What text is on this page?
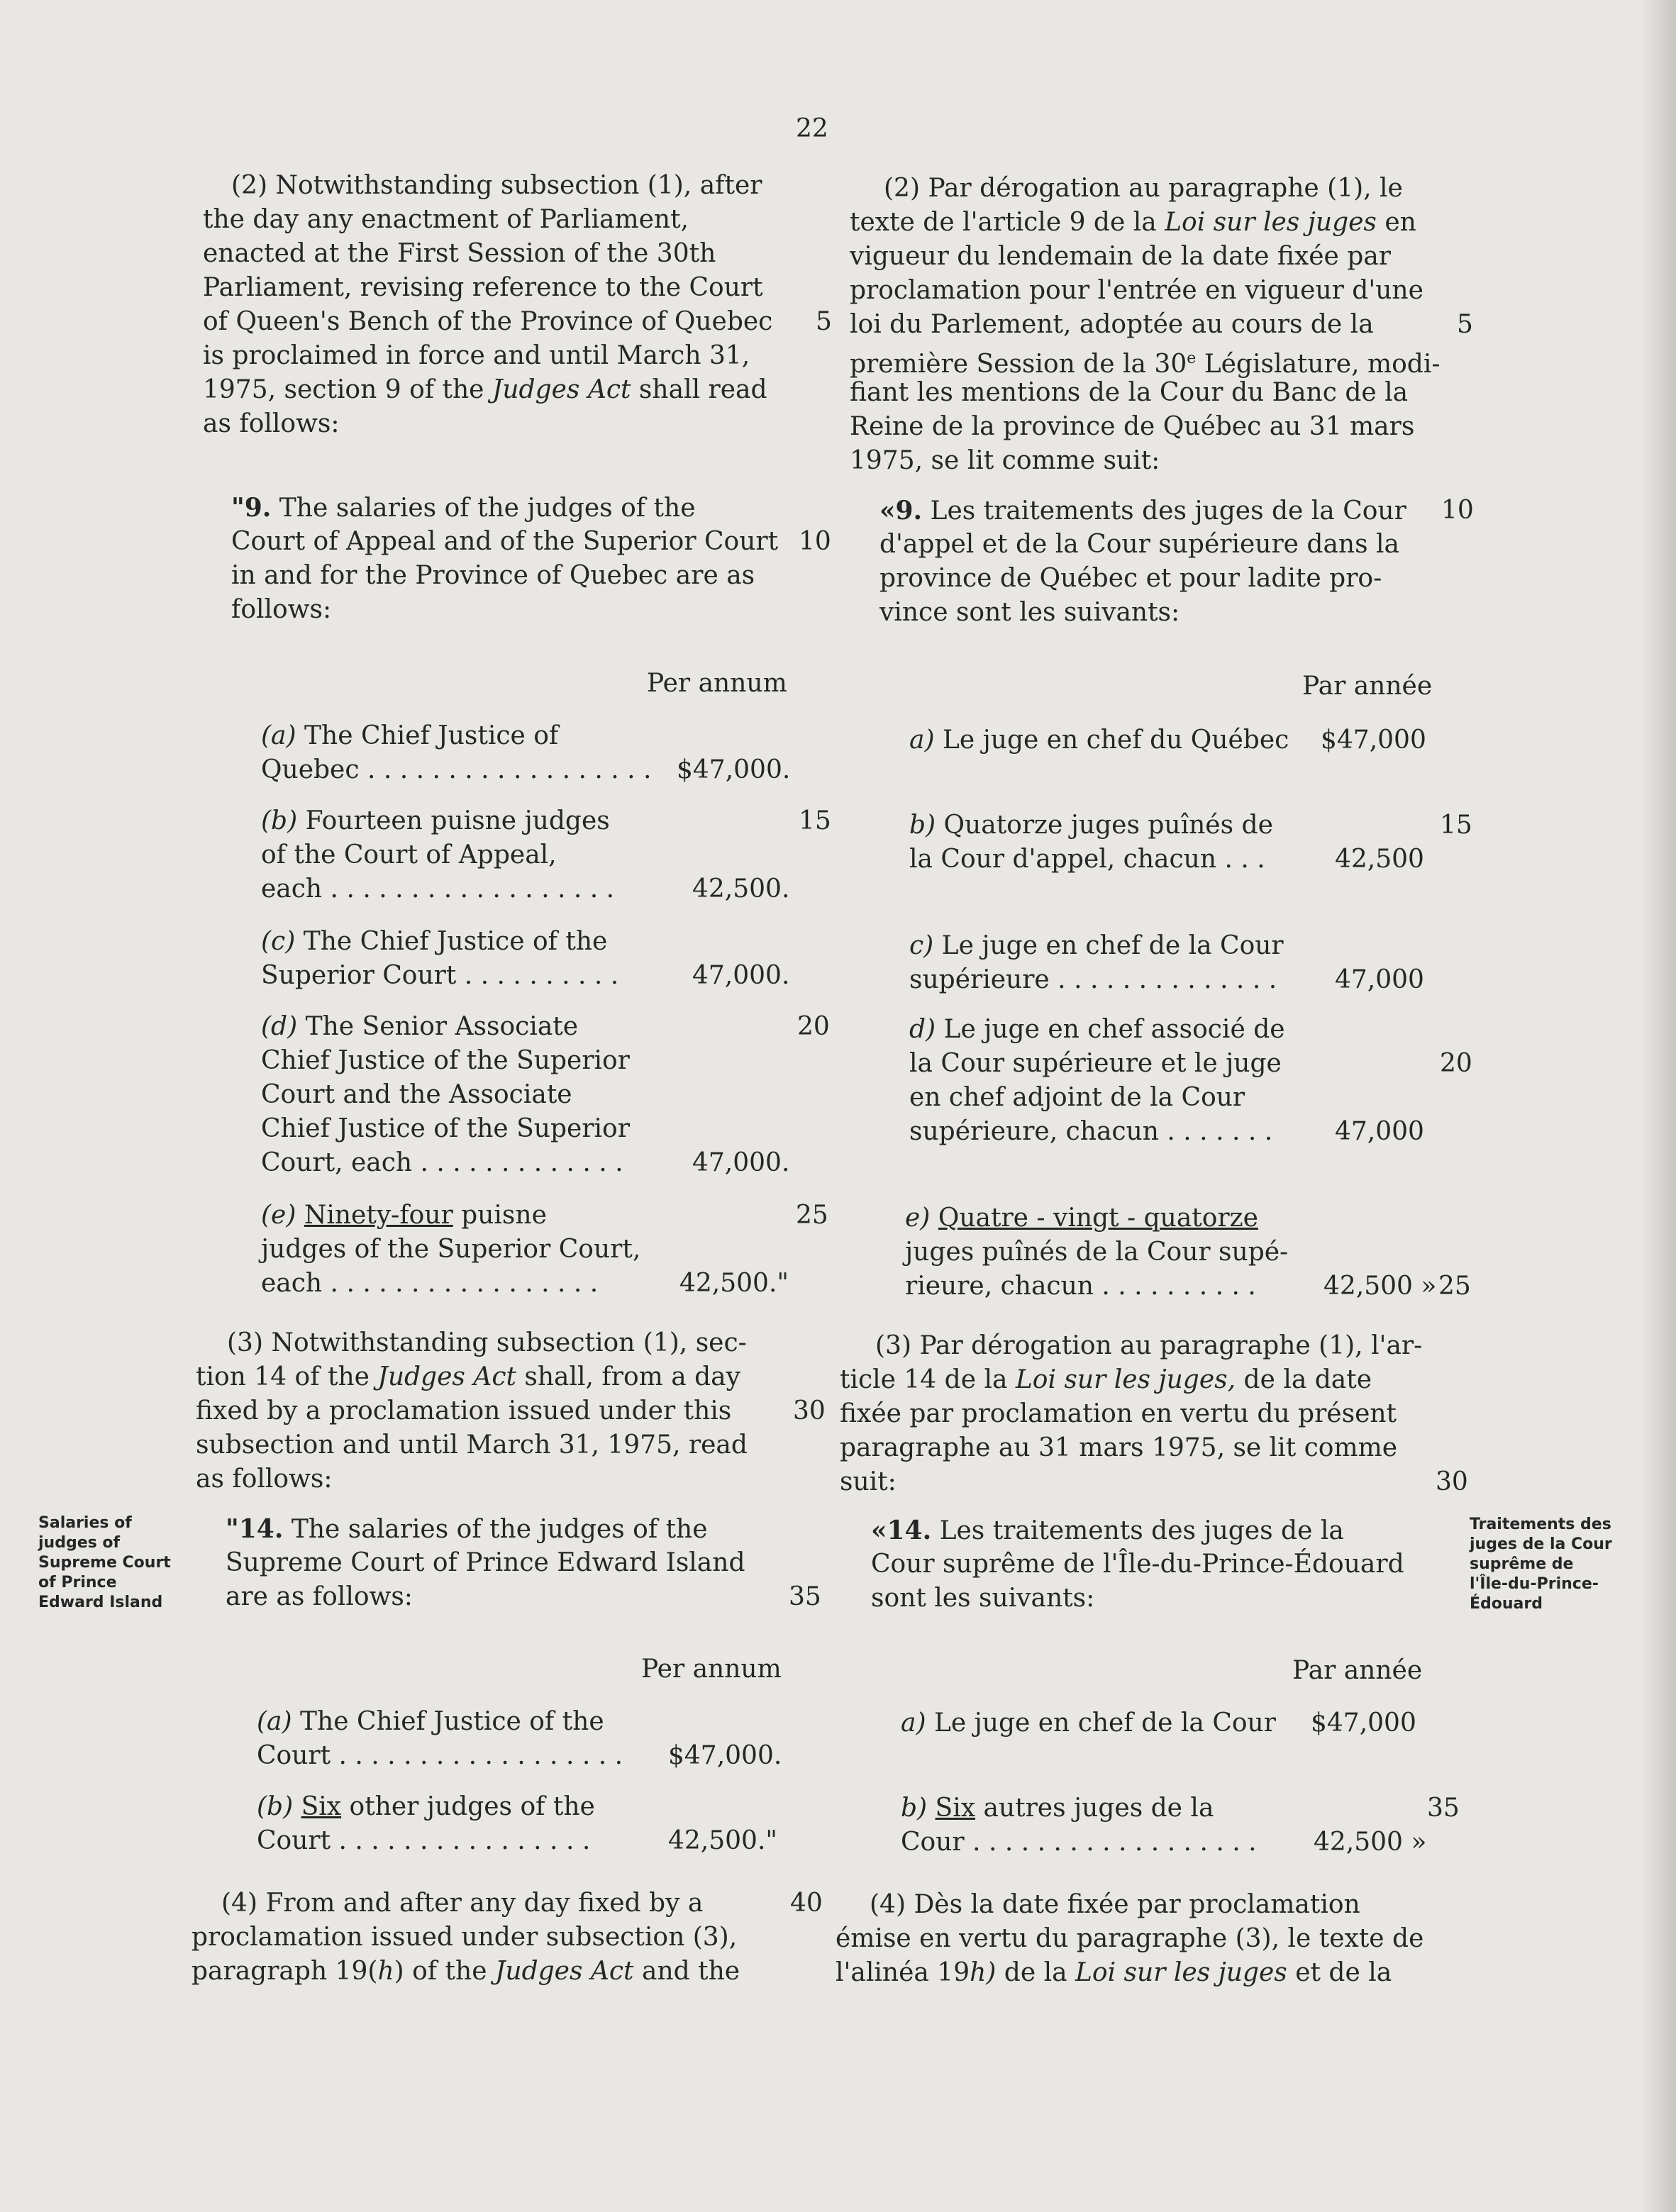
22
(2) Notwithstanding subsection (1), after
the day any enactment of Parliament,
enacted at the First Session of the 30th
Parliament, revising reference to the Court
of Queen's Bench of the Province of Quebec
is proclaimed in force and until March 31,
1975, section 9 of the Judges Act shall read
as follows:
"9. The salaries of the judges of the
Court of Appeal and of the Superior Court
in and for the Province of Quebec are as
follows:
Per annum
(a) The Chief Justice of
Quebec . . . . . . . . . . . . . . . . . . $47,000.
(b) Fourteen puisne judges
of the Court of Appeal,
each . . . . . . . . . . . . . . . . . .	42,500.
(c) The Chief Justice of the
Superior Court . . . . . . . . . .	47,000.
(d) The Senior Associate
Chief Justice of the Superior
Court and the Associate
Chief Justice of the Superior
Court, each . . . . . . . . . . . . .	47,000.
(e) Ninety-four puisne
judges of the Superior Court,
each . . . . . . . . . . . . . . . . .	42,500."
(3) Notwithstanding subsection (1), sec-
tion 14 of the Judges Act shall, from a day
fixed by a proclamation issued under this
subsection and until March 31, 1975, read
as follows:
"14. The salaries of the judges of the
Supreme Court of Prince Edward Island
are as follows:
Per annum
(a) The Chief Justice of the
Court . . . . . . . . . . . . . . . . . . $47,000.
(b) Six other judges of the
Court . . . . . . . . . . . . . . . .	42,500."
(4) From and after any day fixed by a
proclamation issued under subsection (3),
paragraph 19(h) of the Judges Act and the
5
10
15
20
25
30
35
40
Salaries of
judges of
Supreme Court
of Prince
Edward Island
(2) Par dérogation au paragraphe (1), le
texte de l'article 9 de la Loi sur les juges en
vigueur du lendemain de la date fixée par
proclamation pour l'entrée en vigueur d'une
loi du Parlement, adoptée au cours de la
première Session de la 30e Législature, modi-
fiant les mentions de la Cour du Banc de la
Reine de la province de Québec au 31 mars
1975, se lit comme suit:
«9. Les traitements des juges de la Cour
d'appel et de la Cour supérieure dans la
province de Québec et pour ladite pro-
vince sont les suivants:
Par année
a) Le juge en chef du Québec $47,000
b) Quatorze juges puînés de
la Cour d'appel, chacun . . .	42,500
c) Le juge en chef de la Cour
supérieure . . . . . . . . . . . . . . 47,000
d) Le juge en chef associé de
la Cour supérieure et le juge
en chef adjoint de la Cour
supérieure, chacun . . . . . . . 47,000
e) Quatre - vingt - quatorze
juges puînés de la Cour supé-
rieure, chacun . . . . . . . . . .	42,500 »
(3) Par dérogation au paragraphe (1), l'ar-
ticle 14 de la Loi sur les juges, de la date
fixée par proclamation en vertu du présent
paragraphe au 31 mars 1975, se lit comme
suit:
«14. Les traitements des juges de la
Cour suprême de l'Île-du-Prince-Édouard
sont les suivants:
Par année
a) Le juge en chef de la Cour $47,000
b) Six autres juges de la
Cour . . . . . . . . . . . . . . . . . . 42,500 »
(4) Dès la date fixée par proclamation
émise en vertu du paragraphe (3), le texte de
l'alinéa 19h) de la Loi sur les juges et de la
5
10
15
20
25
30
35
Traitements des
juges de la Cour
suprême de
l'Île-du-Prince-
Édouard
